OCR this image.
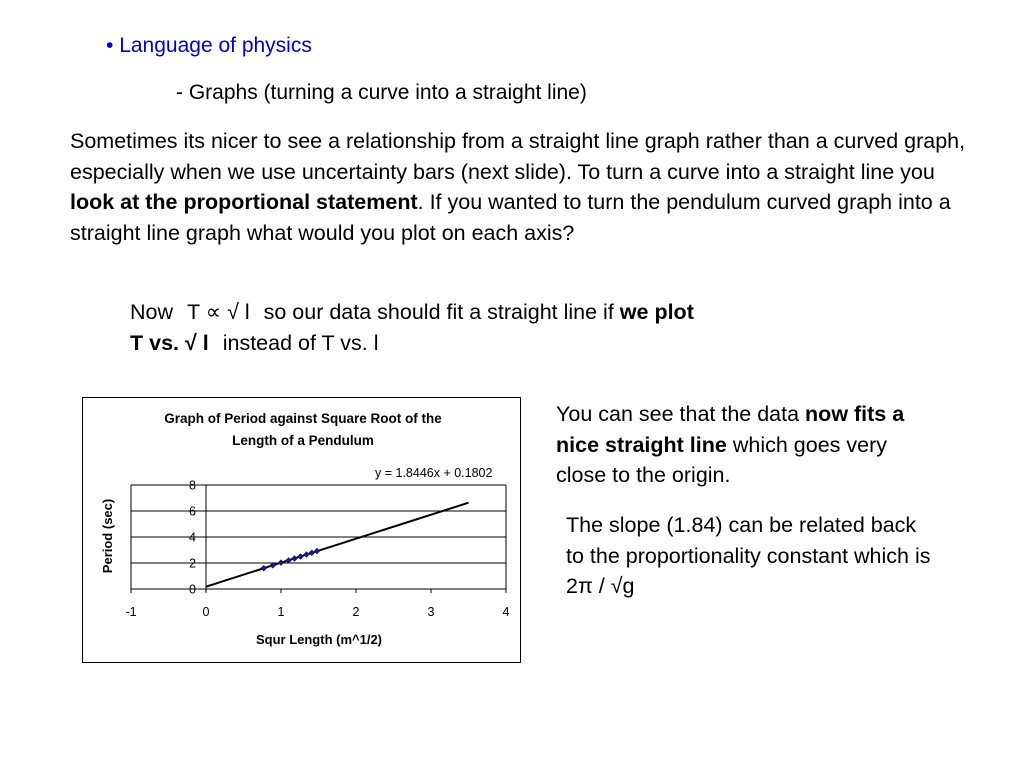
• Language of physics
- Graphs (turning a curve into a straight line)
Sometimes its nicer to see a relationship from a straight line graph rather than a curved graph, especially when we use uncertainty bars (next slide). To turn a curve into a straight line you look at the proportional statement. If you wanted to turn the pendulum curved graph into a straight line graph what would you plot on each axis?
Now T ∝ √ l so our data should fit a straight line if we plot
T vs. √ l instead of T vs. l
Graph of Period against Square Root of the
Length of a Pendulum
0
2
4
6
8
-1	0	1	2	3	4
y = 1.8446x + 0.1802
Squr Length (m^1/2)
Period (sec)
You can see that the data now fits a nice straight line which goes very close to the origin.
The slope (1.84) can be related back to the proportionality constant which is 2π / √g
